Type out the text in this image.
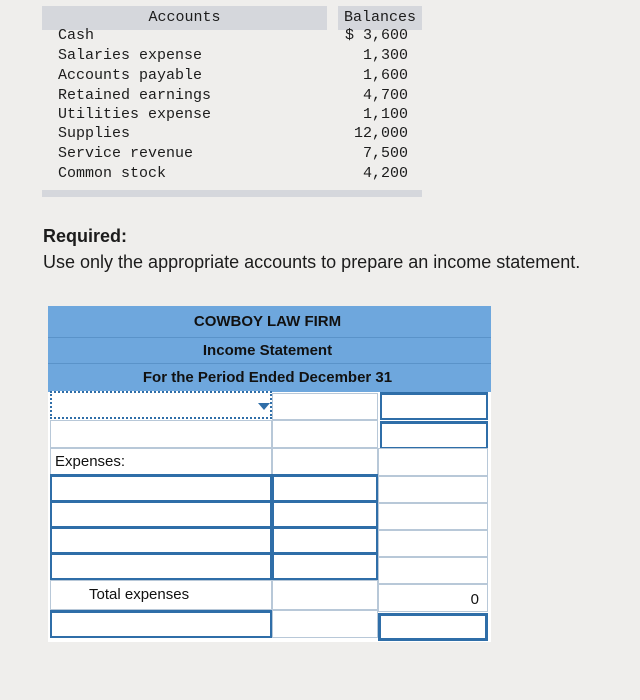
Accounts	Balances
Cash	$ 3,600
Salaries expense	1,300
Accounts payable	1,600
Retained earnings	4,700
Utilities expense	1,100
Supplies	12,000
Service revenue	7,500
Common stock	4,200
Required:
Use only the appropriate accounts to prepare an income statement.
COWBOY LAW FIRM
Income Statement
For the Period Ended December 31
Expenses:
Total expenses	0
